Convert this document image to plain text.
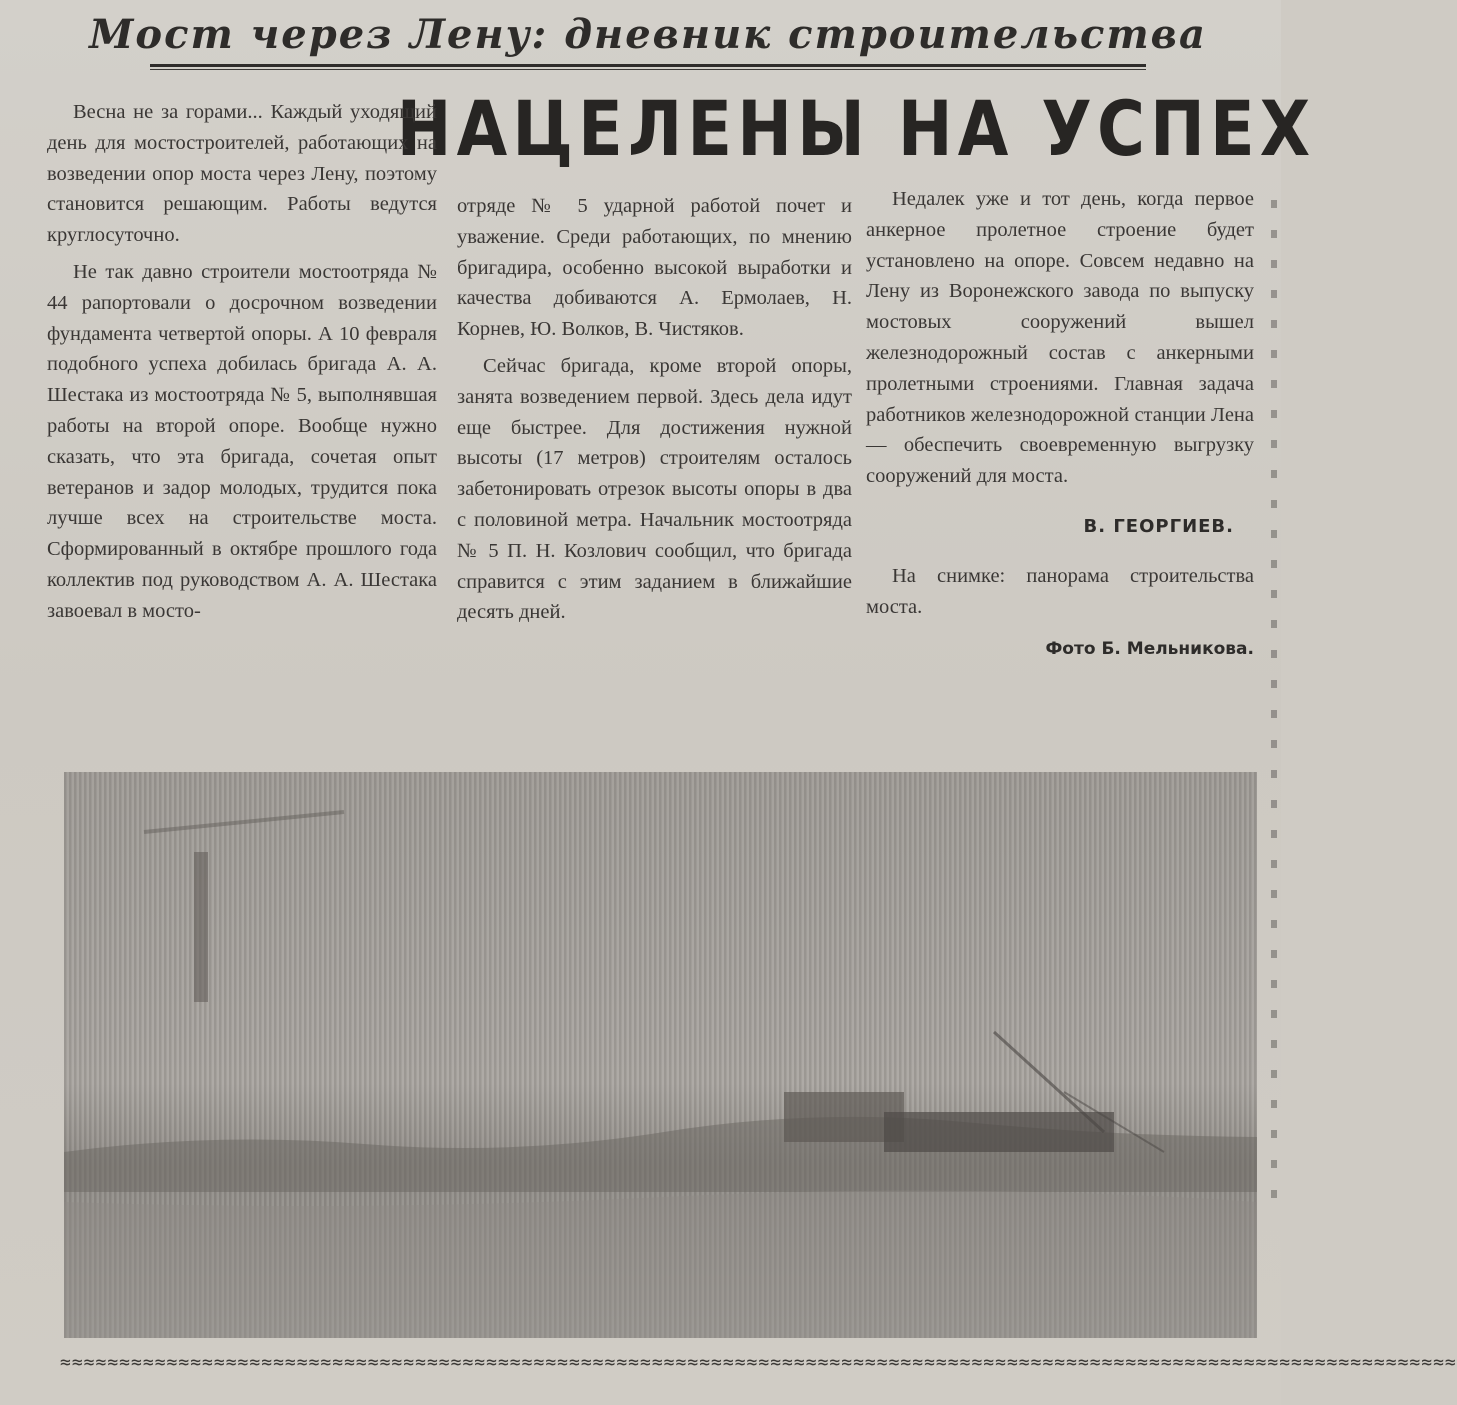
Мост через Лену: дневник строительства
НАЦЕЛЕНЫ НА УСПЕХ

Весна не за горами... Каждый уходящий день для мостостроителей, работающих на возведении опор моста через Лену, поэтому становится решающим. Работы ведутся круглосуточно.

Не так давно строители мостоотряда № 44 рапортовали о досрочном возведении фундамента четвертой опоры. А 10 февраля подобного успеха добилась бригада А. А. Шестака из мостоотряда № 5, выполнявшая работы на второй опоре. Вообще нужно сказать, что эта бригада, сочетая опыт ветеранов и задор молодых, трудится пока лучше всех на строительстве моста. Сформированный в октябре прошлого года коллектив под руководством А. А. Шестака завоевал в мосто-

отряде № 5 ударной работой почет и уважение. Среди работающих, по мнению бригадира, особенно высокой выработки и качества добиваются А. Ермолаев, Н. Корнев, Ю. Волков, В. Чистяков.

Сейчас бригада, кроме второй опоры, занята возведением первой. Здесь дела идут еще быстрее. Для достижения нужной высоты (17 метров) строителям осталось забетонировать отрезок высоты опоры в два с половиной метра. Начальник мостоотряда № 5 П. Н. Козлович сообщил, что бригада справится с этим заданием в ближайшие десять дней.

Недалек уже и тот день, когда первое анкерное пролетное строение будет установлено на опоре. Совсем недавно на Лену из Воронежского завода по выпуску мостовых сооружений вышел железнодорожный состав с анкерными пролетными строениями. Главная задача работников железнодорожной станции Лена — обеспечить своевременную выгрузку сооружений для моста.

В. ГЕОРГИЕВ.

На снимке: панорама строительства моста.

Фото Б. Мельникова.
≈≈≈≈≈≈≈≈≈≈≈≈≈≈≈≈≈≈≈≈≈≈≈≈≈≈≈≈≈≈≈≈≈≈≈≈≈≈≈≈≈≈≈≈≈≈≈≈≈≈≈≈≈≈≈≈≈≈≈≈≈≈≈≈≈≈≈≈≈≈≈≈≈≈≈≈≈≈≈≈≈≈≈≈≈≈≈≈≈≈≈≈≈≈≈≈≈≈≈≈≈≈≈≈≈≈≈≈≈≈≈≈≈≈≈≈≈≈
